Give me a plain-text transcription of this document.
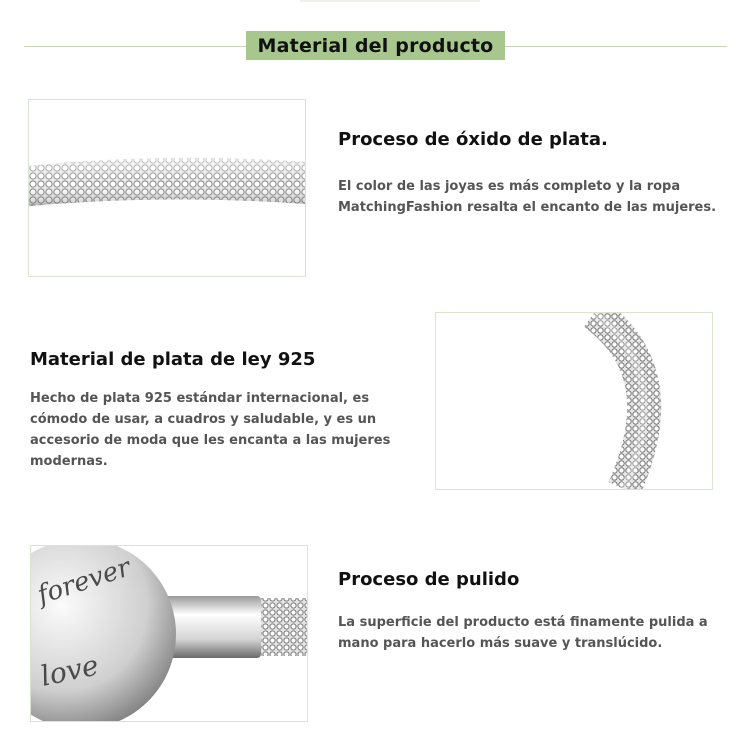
Material del producto
Proceso de óxido de plata.
El color de las joyas es más completo y la ropa MatchingFashion resalta el encanto de las mujeres.
Material de plata de ley 925
Hecho de plata 925 estándar internacional, es cómodo de usar, a cuadros y saludable, y es un accesorio de moda que les encanta a las mujeres modernas.
forever
love
Proceso de pulido
La superficie del producto está finamente pulida a mano para hacerlo más suave y translúcido.
